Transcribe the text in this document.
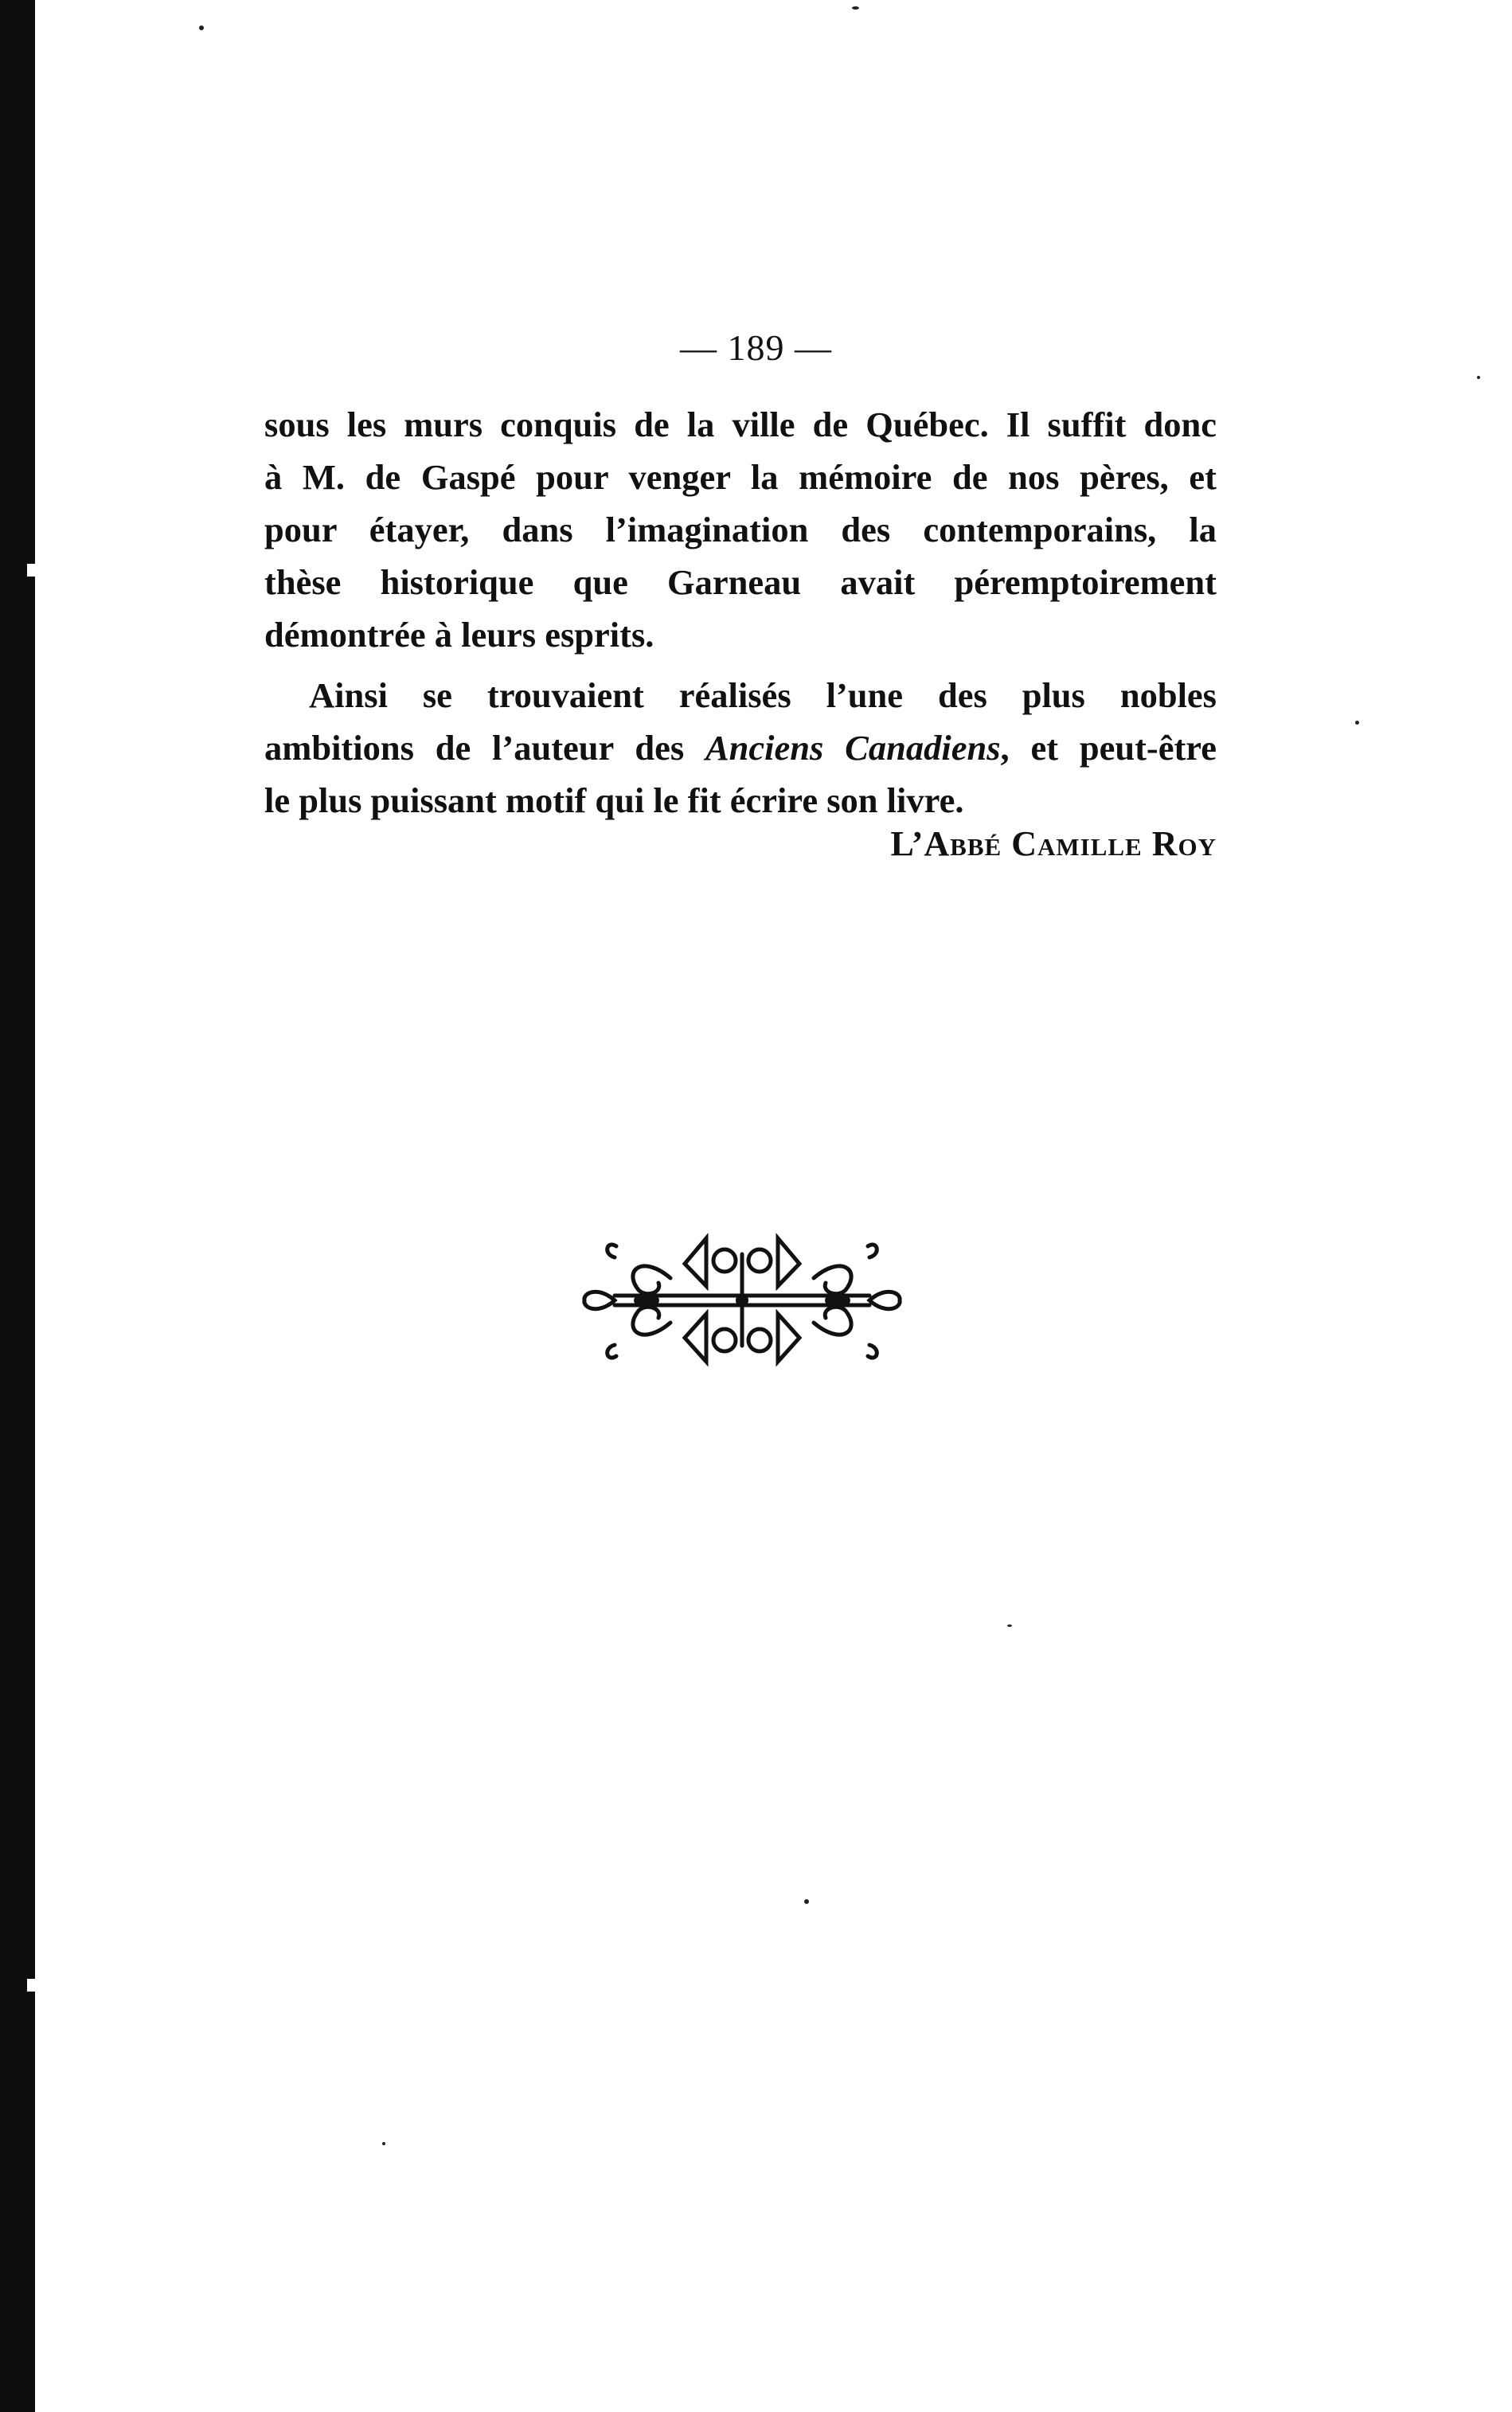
— 189 —
sous les murs conquis de la ville de Québec. Il suffit donc
à M. de Gaspé pour venger la mémoire de nos pères, et
pour étayer, dans l’imagination des contemporains, la
thèse historique que Garneau avait péremptoirement
démontrée à leurs esprits.
Ainsi se trouvaient réalisés l’une des plus nobles
ambitions de l’auteur des Anciens Canadiens, et peut-être
le plus puissant motif qui le fit écrire son livre.
L’Abbé Camille Roy
